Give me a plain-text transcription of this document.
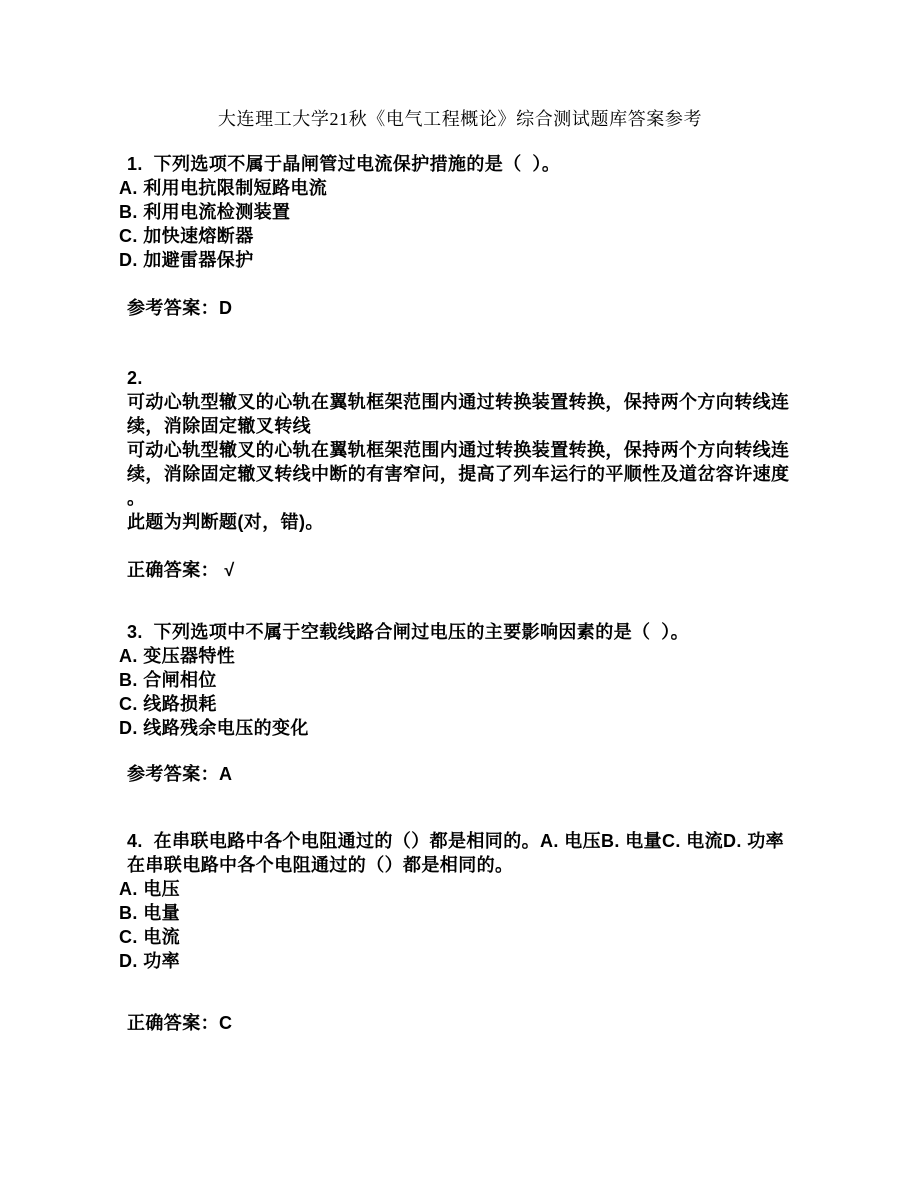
大连理工大学21秋《电气工程概论》综合测试题库答案参考
1.  下列选项不属于晶闸管过电流保护措施的是（  ）。
A. 利用电抗限制短路电流
B. 利用电流检测装置
C. 加快速熔断器
D. 加避雷器保护
参考答案：D
2.
可动心轨型辙叉的心轨在翼轨框架范围内通过转换装置转换，保持两个方向转线连
续，消除固定辙叉转线
可动心轨型辙叉的心轨在翼轨框架范围内通过转换装置转换，保持两个方向转线连
续，消除固定辙叉转线中断的有害窄问，提高了列车运行的平顺性及道岔容许速度
。
此题为判断题(对，错)。
正确答案： √
3.  下列选项中不属于空载线路合闸过电压的主要影响因素的是（  ）。
A. 变压器特性
B. 合闸相位
C. 线路损耗
D. 线路残余电压的变化
参考答案：A
4.  在串联电路中各个电阻通过的（）都是相同的。A. 电压B. 电量C. 电流D. 功率
在串联电路中各个电阻通过的（）都是相同的。
A. 电压
B. 电量
C. 电流
D. 功率
正确答案：C
